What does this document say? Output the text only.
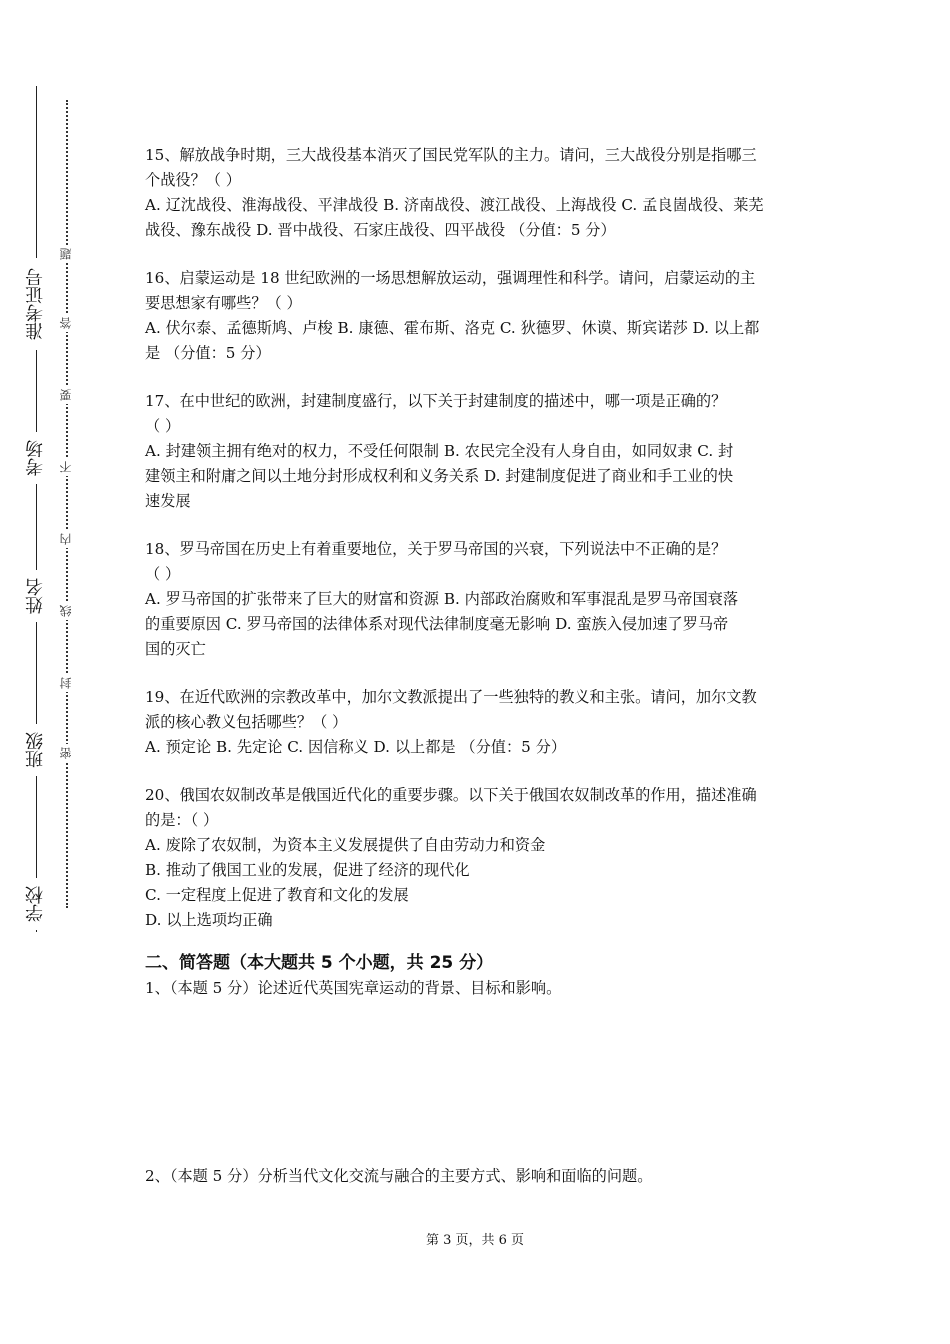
准考证号
考场
姓名
班级
学校
题
答
要
不
内
线
封
密

15、解放战争时期，三大战役基本消灭了国民党军队的主力。请问，三大战役分别是指哪三

个战役？（ ）

A. 辽沈战役、淮海战役、平津战役 B. 济南战役、渡江战役、上海战役 C. 孟良崮战役、莱芜

战役、豫东战役 D. 晋中战役、石家庄战役、四平战役 （分值：5 分）

16、启蒙运动是 18 世纪欧洲的一场思想解放运动，强调理性和科学。请问，启蒙运动的主

要思想家有哪些？（ ）

A. 伏尔泰、孟德斯鸠、卢梭 B. 康德、霍布斯、洛克 C. 狄德罗、休谟、斯宾诺莎 D. 以上都

是 （分值：5 分）

17、在中世纪的欧洲，封建制度盛行，以下关于封建制度的描述中，哪一项是正确的？

（ ）

A. 封建领主拥有绝对的权力，不受任何限制 B. 农民完全没有人身自由，如同奴隶 C. 封

建领主和附庸之间以土地分封形成权利和义务关系 D. 封建制度促进了商业和手工业的快

速发展

18、罗马帝国在历史上有着重要地位，关于罗马帝国的兴衰，下列说法中不正确的是？

（ ）

A. 罗马帝国的扩张带来了巨大的财富和资源 B. 内部政治腐败和军事混乱是罗马帝国衰落

的重要原因 C. 罗马帝国的法律体系对现代法律制度毫无影响 D. 蛮族入侵加速了罗马帝

国的灭亡

19、在近代欧洲的宗教改革中，加尔文教派提出了一些独特的教义和主张。请问，加尔文教

派的核心教义包括哪些？（ ）

A. 预定论 B. 先定论 C. 因信称义 D. 以上都是 （分值：5 分）

20、俄国农奴制改革是俄国近代化的重要步骤。以下关于俄国农奴制改革的作用，描述准确

的是：（ ）

A. 废除了农奴制，为资本主义发展提供了自由劳动力和资金

B. 推动了俄国工业的发展，促进了经济的现代化

C. 一定程度上促进了教育和文化的发展

D. 以上选项均正确

二、简答题（本大题共 5 个小题，共 25 分）

1、（本题 5 分）论述近代英国宪章运动的背景、目标和影响。

2、（本题 5 分）分析当代文化交流与融合的主要方式、影响和面临的问题。

第 3 页，共 6 页
